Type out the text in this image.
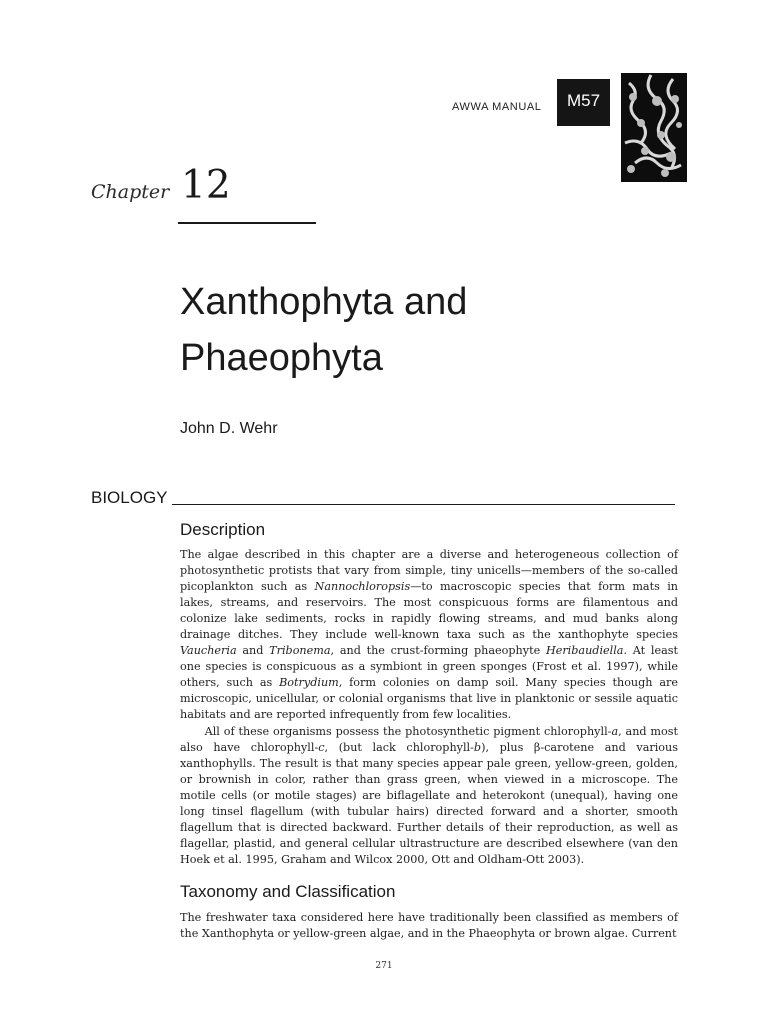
AWWA MANUAL	M57
Chapter 12
Xanthophyta and
Phaeophyta
John D. Wehr
BIOLOGY
Description

The algae described in this chapter are a diverse and heterogeneous collection of photosynthetic protists that vary from simple, tiny unicells—members of the so-called picoplankton such as Nannochloropsis—to macroscopic species that form mats in lakes, streams, and reservoirs. The most conspicuous forms are filamentous and colonize lake sediments, rocks in rapidly flowing streams, and mud banks along drainage ditches. They include well-known taxa such as the xanthophyte species Vaucheria and Tribonema, and the crust-forming phaeophyte Heribaudiella. At least one species is conspicuous as a symbiont in green sponges (Frost et al. 1997), while others, such as Botrydium, form colonies on damp soil. Many species though are microscopic, unicellular, or colonial organisms that live in planktonic or sessile aquatic habitats and are reported infrequently from few localities.

All of these organisms possess the photosynthetic pigment chlorophyll-a, and most also have chlorophyll-c, (but lack chlorophyll-b), plus β-carotene and various xanthophylls. The result is that many species appear pale green, yellow-green, golden, or brownish in color, rather than grass green, when viewed in a microscope. The motile cells (or motile stages) are biflagellate and heterokont (unequal), having one long tinsel flagellum (with tubular hairs) directed forward and a shorter, smooth flagellum that is directed backward. Further details of their reproduction, as well as flagellar, plastid, and general cellular ultrastructure are described elsewhere (van den Hoek et al. 1995, Graham and Wilcox 2000, Ott and Oldham-Ott 2003).

Taxonomy and Classification

The freshwater taxa considered here have traditionally been classified as members of the Xanthophyta or yellow-green algae, and in the Phaeophyta or brown algae. Current

271
